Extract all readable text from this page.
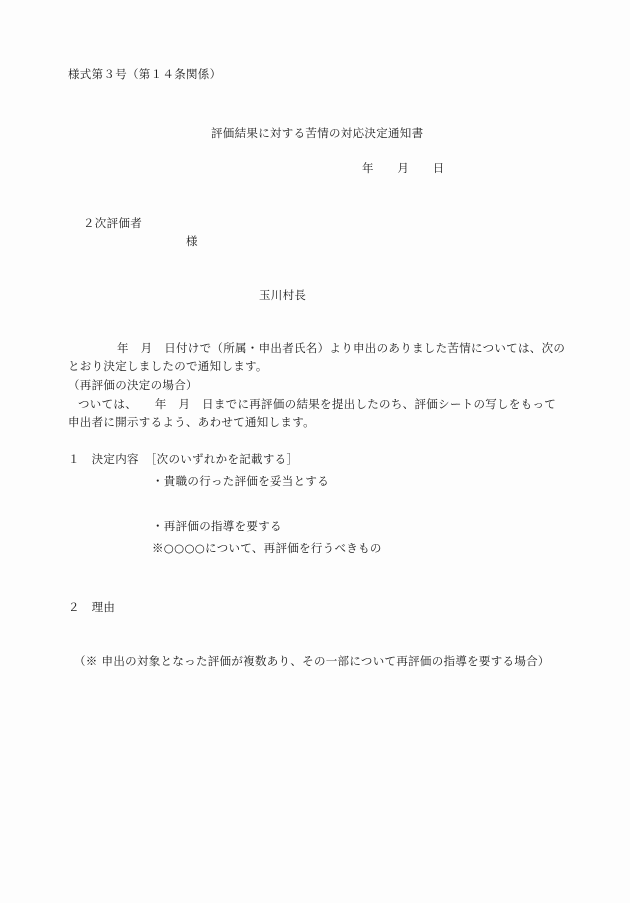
様式第３号（第１４条関係）
評価結果に対する苦情の対応決定通知書
年　　月　　日
２次評価者
様
玉川村長
年　月　日付けで（所属・申出者氏名）より申出のありました苦情については、次の
とおり決定しましたので通知します。
（再評価の決定の場合）
ついては、　　年　月　日までに再評価の結果を提出したのち、評価シートの写しをもって
申出者に開示するよう、あわせて通知します。
１　決定内容　［次のいずれかを記載する］
・貴職の行った評価を妥当とする
・再評価の指導を要する
※○○○○について、再評価を行うべきもの
２　理由
（※ 申出の対象となった評価が複数あり、その一部について再評価の指導を要する場合）
